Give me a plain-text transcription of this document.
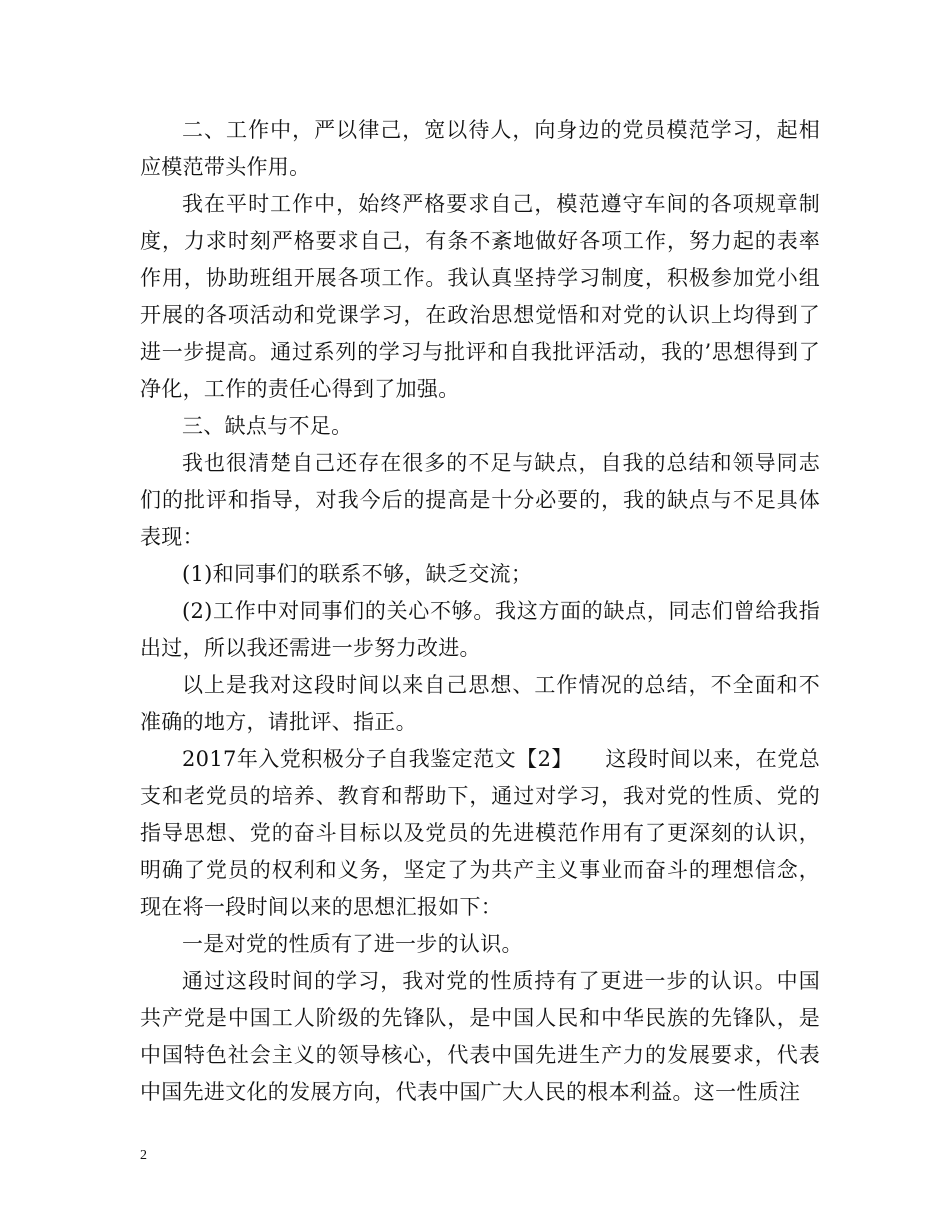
二、工作中，严以律己，宽以待人，向身边的党员模范学习，起相应模范带头作用。

我在平时工作中，始终严格要求自己，模范遵守车间的各项规章制度，力求时刻严格要求自己，有条不紊地做好各项工作，努力起的表率作用，协助班组开展各项工作。我认真坚持学习制度，积极参加党小组开展的各项活动和党课学习，在政治思想觉悟和对党的认识上均得到了进一步提高。通过系列的学习与批评和自我批评活动，我的’思想得到了净化，工作的责任心得到了加强。

三、缺点与不足。

我也很清楚自己还存在很多的不足与缺点，自我的总结和领导同志们的批评和指导，对我今后的提高是十分必要的，我的缺点与不足具体表现：

(1)和同事们的联系不够，缺乏交流；

(2)工作中对同事们的关心不够。我这方面的缺点，同志们曾给我指出过，所以我还需进一步努力改进。

以上是我对这段时间以来自己思想、工作情况的总结，不全面和不准确的地方，请批评、指正。

2017年入党积极分子自我鉴定范文【2】　　这段时间以来，在党总支和老党员的培养、教育和帮助下，通过对学习，我对党的性质、党的指导思想、党的奋斗目标以及党员的先进模范作用有了更深刻的认识，明确了党员的权利和义务，坚定了为共产主义事业而奋斗的理想信念，现在将一段时间以来的思想汇报如下：

一是对党的性质有了进一步的认识。

通过这段时间的学习，我对党的性质持有了更进一步的认识。中国共产党是中国工人阶级的先锋队，是中国人民和中华民族的先锋队，是中国特色社会主义的领导核心，代表中国先进生产力的发展要求，代表中国先进文化的发展方向，代表中国广大人民的根本利益。这一性质注

2
